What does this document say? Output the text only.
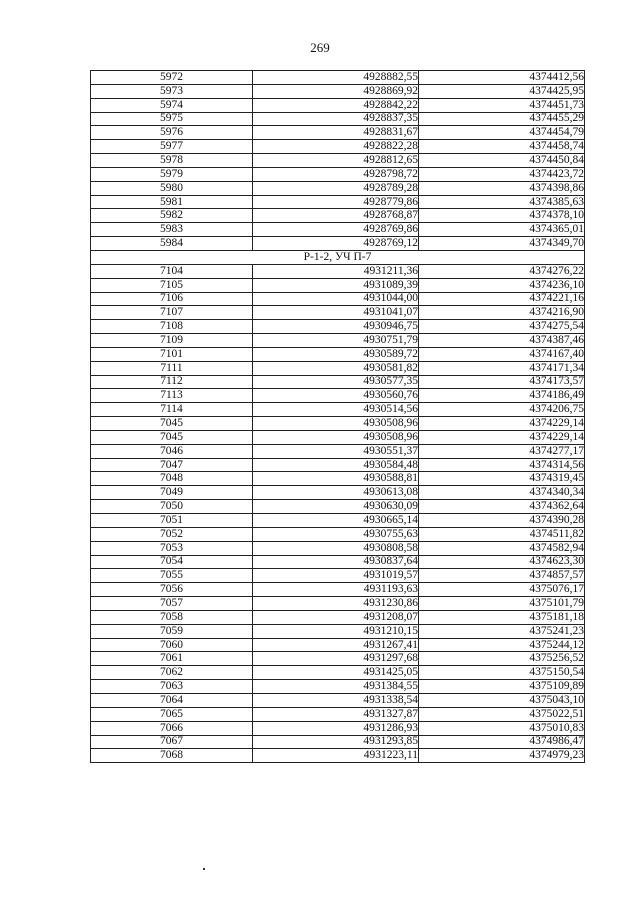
269
5972	4928882,55	4374412,56
5973	4928869,92	4374425,95
5974	4928842,22	4374451,73
5975	4928837,35	4374455,29
5976	4928831,67	4374454,79
5977	4928822,28	4374458,74
5978	4928812,65	4374450,84
5979	4928798,72	4374423,72
5980	4928789,28	4374398,86
5981	4928779,86	4374385,63
5982	4928768,87	4374378,10
5983	4928769,86	4374365,01
5984	4928769,12	4374349,70
Р-1-2, УЧ П-7		
7104	4931211,36	4374276,22
7105	4931089,39	4374236,10
7106	4931044,00	4374221,16
7107	4931041,07	4374216,90
7108	4930946,75	4374275,54
7109	4930751,79	4374387,46
7101	4930589,72	4374167,40
7111	4930581,82	4374171,34
7112	4930577,35	4374173,57
7113	4930560,76	4374186,49
7114	4930514,56	4374206,75
7045	4930508,96	4374229,14
7045	4930508,96	4374229,14
7046	4930551,37	4374277,17
7047	4930584,48	4374314,56
7048	4930588,81	4374319,45
7049	4930613,08	4374340,34
7050	4930630,09	4374362,64
7051	4930665,14	4374390,28
7052	4930755,63	4374511,82
7053	4930808,58	4374582,94
7054	4930837,64	4374623,30
7055	4931019,57	4374857,57
7056	4931193,63	4375076,17
7057	4931230,86	4375101,79
7058	4931208,07	4375181,18
7059	4931210,15	4375241,23
7060	4931267,41	4375244,12
7061	4931297,68	4375256,52
7062	4931425,05	4375150,54
7063	4931384,55	4375109,89
7064	4931338,54	4375043,10
7065	4931327,87	4375022,51
7066	4931286,93	4375010,83
7067	4931293,85	4374986,47
7068	4931223,11	4374979,23
